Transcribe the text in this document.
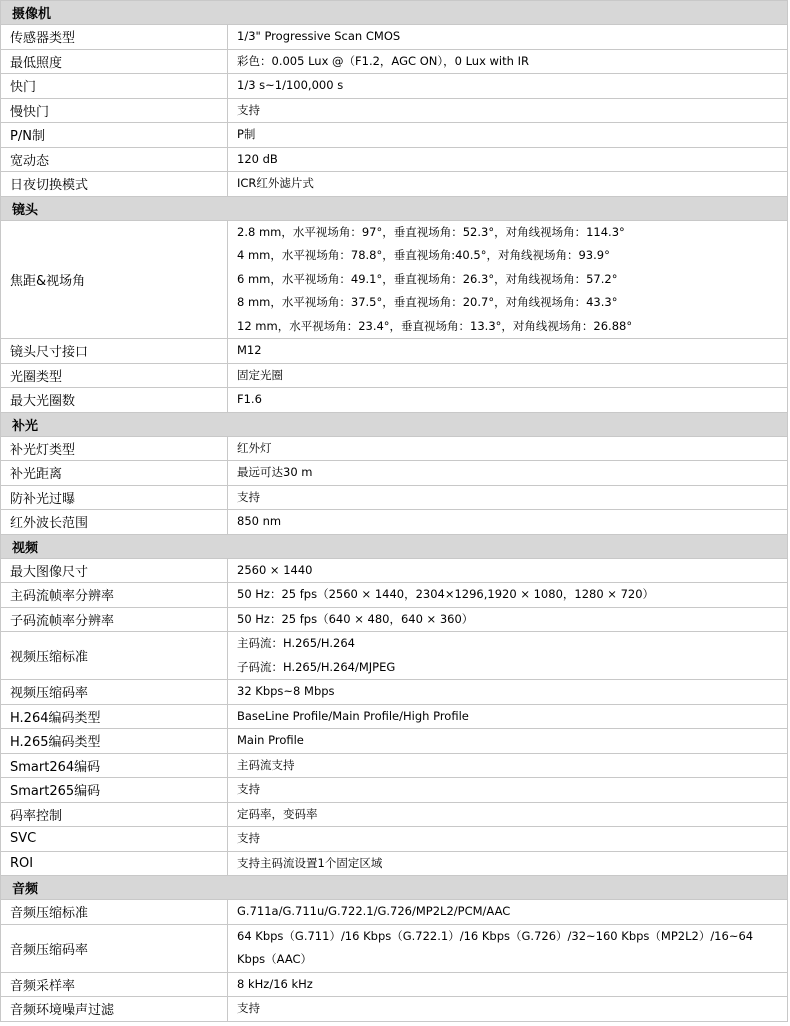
摄像机	
传感器类型	1/3" Progressive Scan CMOS

最低照度	彩色：0.005 Lux @（F1.2，AGC ON），0 Lux with IR

快门	1/3 s~1/100,000 s

慢快门	支持

P/N制	P制

宽动态	120 dB

日夜切换模式	ICR红外滤片式

镜头	
焦距&视场角	2.8 mm，水平视场角：97°，垂直视场角：52.3°，对角线视场角：114.3°
4 mm，水平视场角：78.8°，垂直视场角:40.5°，对角线视场角：93.9°
6 mm，水平视场角：49.1°，垂直视场角：26.3°，对角线视场角：57.2°
8 mm，水平视场角：37.5°，垂直视场角：20.7°，对角线视场角：43.3°
12 mm，水平视场角：23.4°，垂直视场角：13.3°，对角线视场角：26.88°

镜头尺寸接口	M12

光圈类型	固定光圈

最大光圈数	F1.6

补光	
补光灯类型	红外灯

补光距离	最远可达30 m

防补光过曝	支持

红外波长范围	850 nm

视频	
最大图像尺寸	2560 × 1440

主码流帧率分辨率	50 Hz：25 fps（2560 × 1440，2304×1296,1920 × 1080，1280 × 720）

子码流帧率分辨率	50 Hz：25 fps（640 × 480，640 × 360）

视频压缩标准	主码流：H.265/H.264
子码流：H.265/H.264/MJPEG

视频压缩码率	32 Kbps~8 Mbps

H.264编码类型	BaseLine Profile/Main Profile/High Profile

H.265编码类型	Main Profile

Smart264编码	主码流支持

Smart265编码	支持

码率控制	定码率，变码率

SVC	支持

ROI	支持主码流设置1个固定区域

音频	
音频压缩标准	G.711a/G.711u/G.722.1/G.726/MP2L2/PCM/AAC

音频压缩码率	64 Kbps（G.711）/16 Kbps（G.722.1）/16 Kbps（G.726）/32~160 Kbps（MP2L2）/16~64
Kbps（AAC）

音频采样率	8 kHz/16 kHz

音频环境噪声过滤	支持
